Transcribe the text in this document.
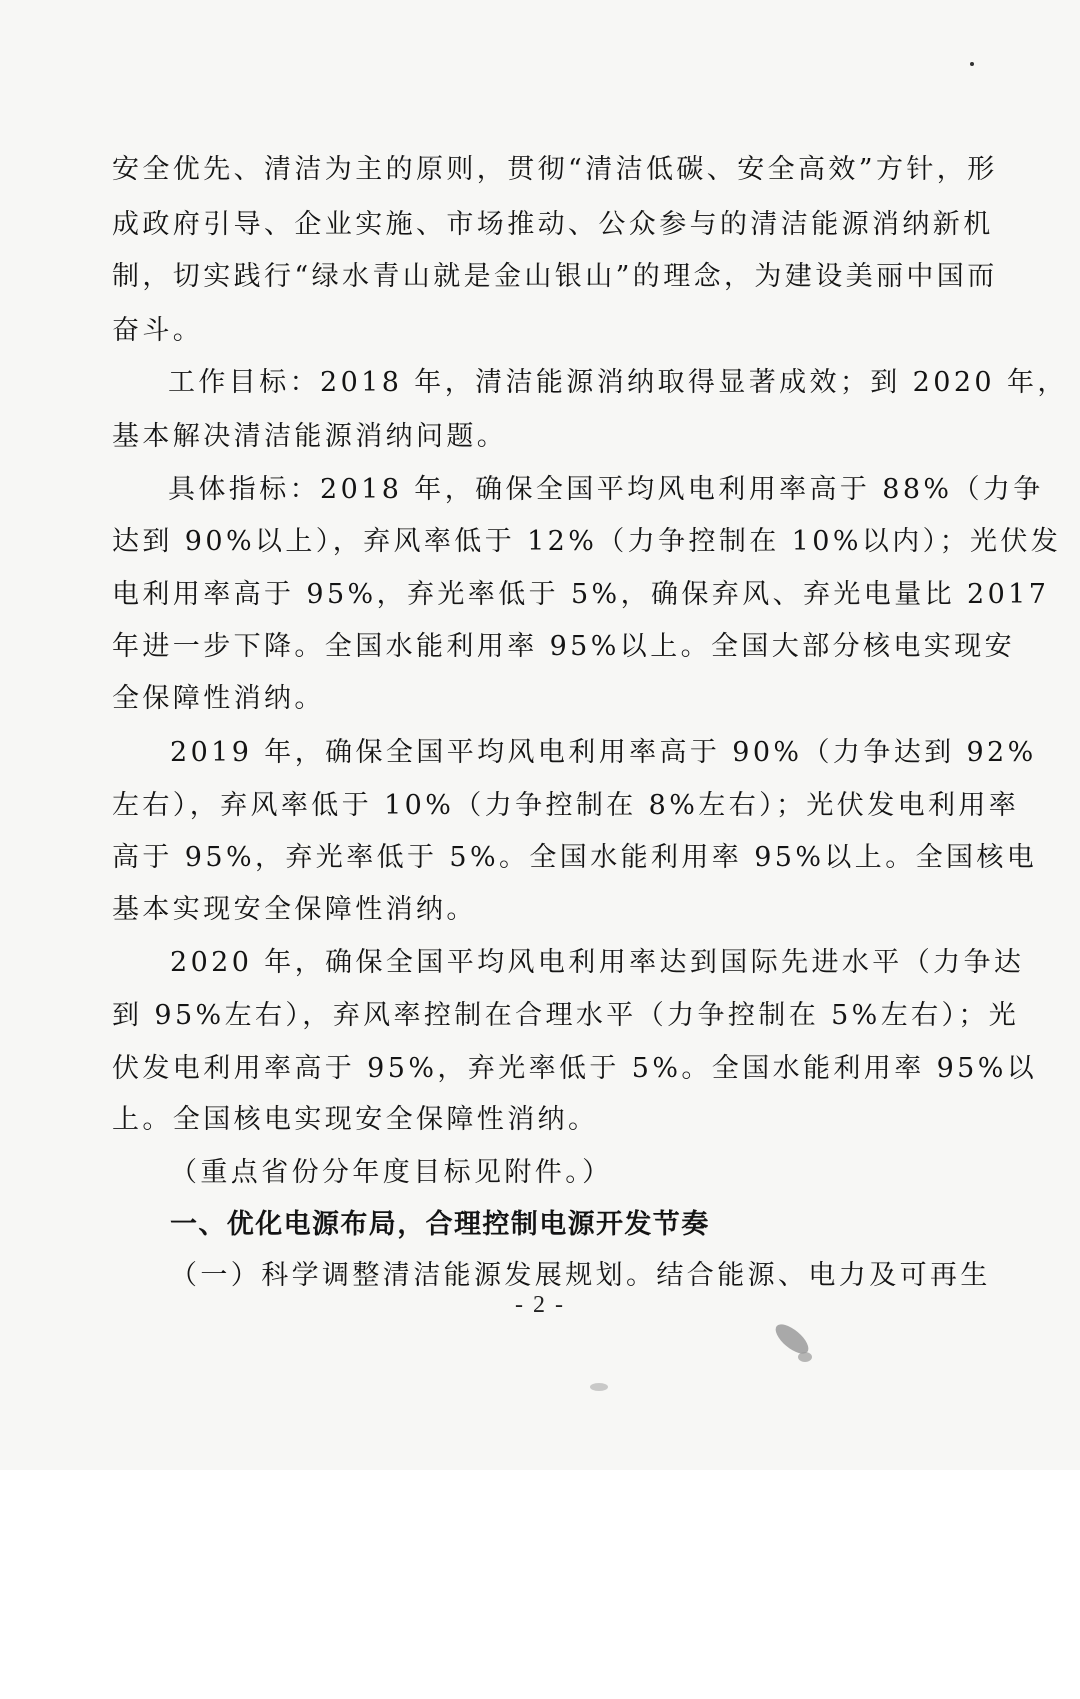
安全优先、清洁为主的原则，贯彻“清洁低碳、安全高效”方针，形
成政府引导、企业实施、市场推动、公众参与的清洁能源消纳新机
制，切实践行“绿水青山就是金山银山”的理念，为建设美丽中国而
奋斗。
工作目标：2018 年，清洁能源消纳取得显著成效；到 2020 年，
基本解决清洁能源消纳问题。
具体指标：2018 年，确保全国平均风电利用率高于 88%（力争
达到 90%以上），弃风率低于 12%（力争控制在 10%以内）；光伏发
电利用率高于 95%，弃光率低于 5%，确保弃风、弃光电量比 2017
年进一步下降。全国水能利用率 95%以上。全国大部分核电实现安
全保障性消纳。
2019 年，确保全国平均风电利用率高于 90%（力争达到 92%
左右），弃风率低于 10%（力争控制在 8%左右）；光伏发电利用率
高于 95%，弃光率低于 5%。全国水能利用率 95%以上。全国核电
基本实现安全保障性消纳。
2020 年，确保全国平均风电利用率达到国际先进水平（力争达
到 95%左右），弃风率控制在合理水平（力争控制在 5%左右）；光
伏发电利用率高于 95%，弃光率低于 5%。全国水能利用率 95%以
上。全国核电实现安全保障性消纳。
（重点省份分年度目标见附件。）
一、优化电源布局，合理控制电源开发节奏
（一）科学调整清洁能源发展规划。结合能源、电力及可再生
- 2 -
